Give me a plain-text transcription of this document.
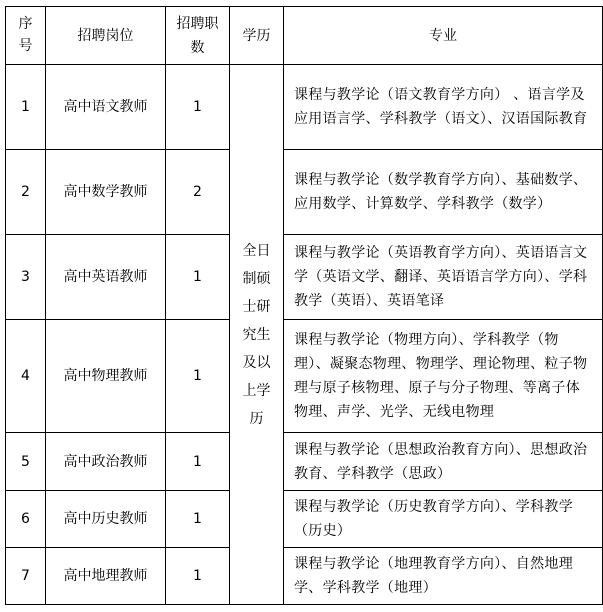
序号	招聘岗位	招聘职数	学历	专业
1	高中语文教师	1	全日制硕士研究生及以上学历	课程与教学论（语文教育学方向） 、语言学及应用语言学、学科教学（语文）、汉语国际教育
2	高中数学教师	2		课程与教学论（数学教育学方向）、基础数学、应用数学、计算数学、学科教学（数学）
3	高中英语教师	1		课程与教学论（英语教育学方向）、英语语言文学（英语文学、翻译、英语语言学方向）、学科教学（英语）、英语笔译
4	高中物理教师	1		课程与教学论（物理方向）、学科教学（物理）、凝聚态物理、物理学、理论物理、粒子物理与原子核物理、原子与分子物理、等离子体物理、声学、光学、无线电物理
5	高中政治教师	1		课程与教学论（思想政治教育方向）、思想政治教育、学科教学（思政）
6	高中历史教师	1		课程与教学论（历史教育学方向）、学科教学（历史）
7	高中地理教师	1		课程与教学论（地理教育学方向）、自然地理学、学科教学（地理）
